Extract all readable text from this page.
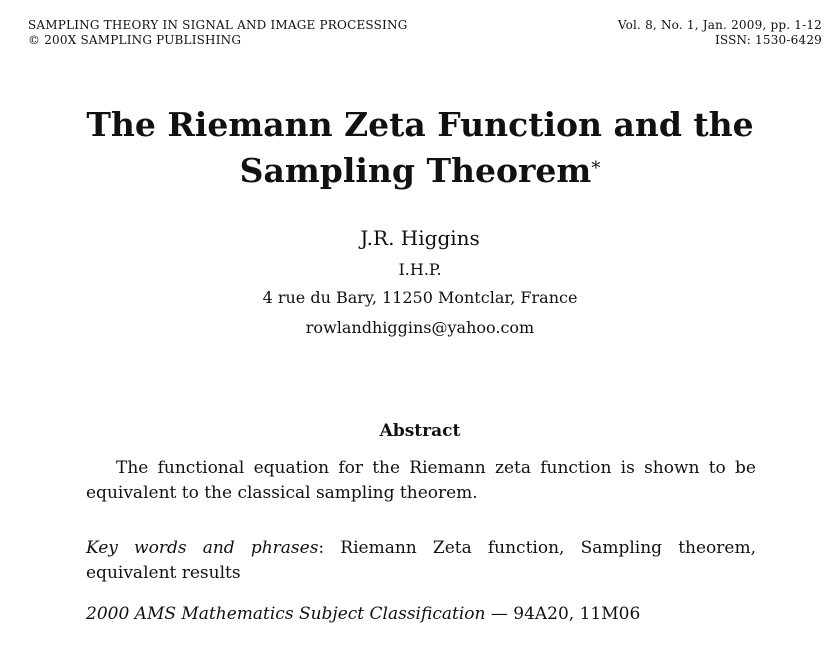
SAMPLING THEORY IN SIGNAL AND IMAGE PROCESSING
© 200X SAMPLING PUBLISHING
Vol. 8, No. 1, Jan. 2009, pp. 1-12
ISSN: 1530-6429
The Riemann Zeta Function and the
Sampling Theorem*
J.R. Higgins
I.H.P.
4 rue du Bary, 11250 Montclar, France
rowlandhiggins@yahoo.com
Abstract
The functional equation for the Riemann zeta function is shown to be equivalent to the classical sampling theorem.
Key words and phrases: Riemann Zeta function, Sampling theorem, equivalent results
2000 AMS Mathematics Subject Classification — 94A20, 11M06
